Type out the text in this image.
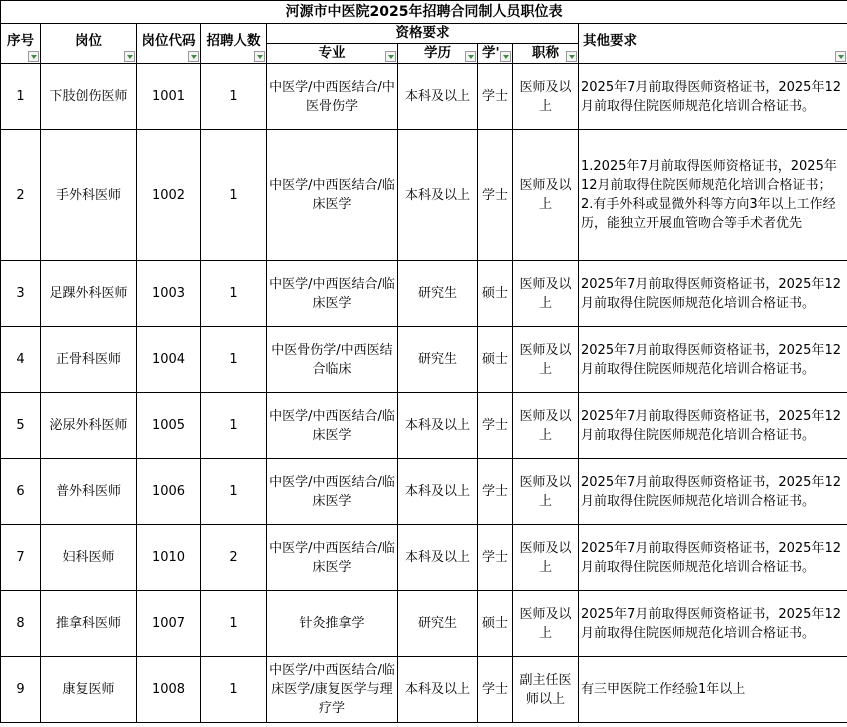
河源市中医院2025年招聘合同制人员职位表								

序号	岗位	岗位代码	招聘人数	资格要求				其他要求

				专业	学历	学'	职称	

1	下肢创伤医师	1001	1	中医学/中西医结合/中医骨伤学	本科及以上	学士	医师及以上	2025年7月前取得医师资格证书，2025年12月前取得住院医师规范化培训合格证书。
2	手外科医师	1002	1	中医学/中西医结合/临床医学	本科及以上	学士	医师及以上	1.2025年7月前取得医师资格证书，2025年12月前取得住院医师规范化培训合格证书；
2.有手外科或显微外科等方向3年以上工作经历，能独立开展血管吻合等手术者优先
3	足踝外科医师	1003	1	中医学/中西医结合/临床医学	研究生	硕士	医师及以上	2025年7月前取得医师资格证书，2025年12月前取得住院医师规范化培训合格证书。
4	正骨科医师	1004	1	中医骨伤学/中西医结合临床	研究生	硕士	医师及以上	2025年7月前取得医师资格证书，2025年12月前取得住院医师规范化培训合格证书。
5	泌尿外科医师	1005	1	中医学/中西医结合/临床医学	本科及以上	学士	医师及以上	2025年7月前取得医师资格证书，2025年12月前取得住院医师规范化培训合格证书。
6	普外科医师	1006	1	中医学/中西医结合/临床医学	本科及以上	学士	医师及以上	2025年7月前取得医师资格证书，2025年12月前取得住院医师规范化培训合格证书。
7	妇科医师	1010	2	中医学/中西医结合/临床医学	本科及以上	学士	医师及以上	2025年7月前取得医师资格证书，2025年12月前取得住院医师规范化培训合格证书。
8	推拿科医师	1007	1	针灸推拿学	研究生	硕士	医师及以上	2025年7月前取得医师资格证书，2025年12月前取得住院医师规范化培训合格证书。
9	康复医师	1008	1	中医学/中西医结合/临床医学/康复医学与理疗学	本科及以上	学士	副主任医师以上	有三甲医院工作经验1年以上
